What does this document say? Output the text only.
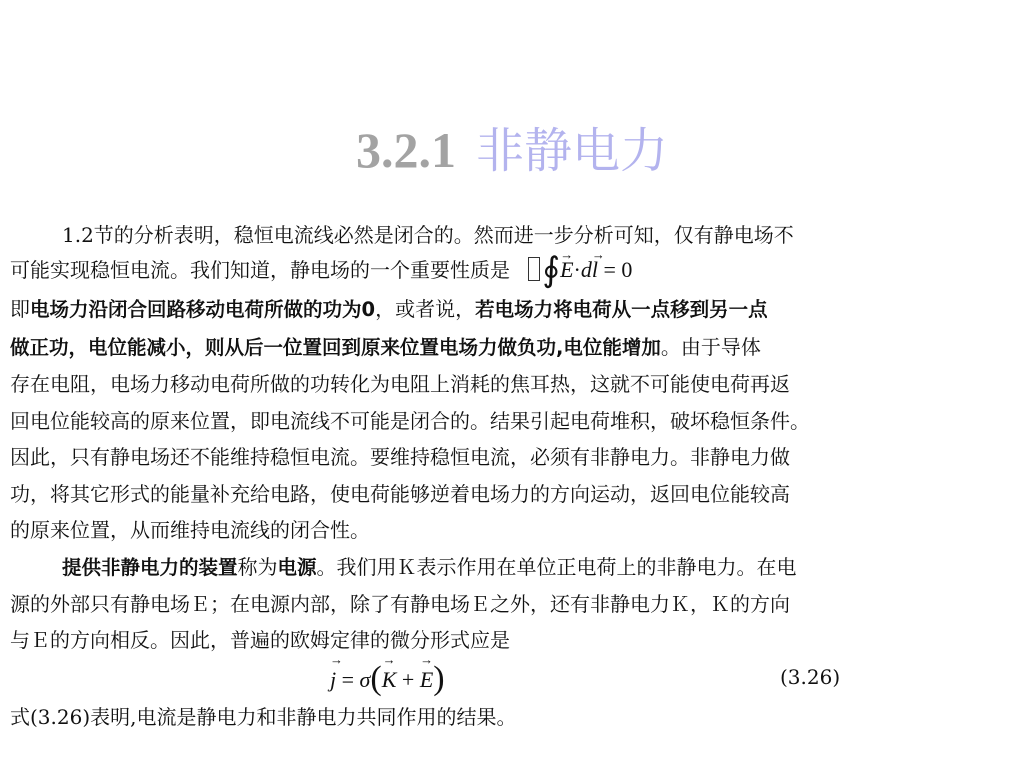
3.2.1 非静电力
1.2节的分析表明，稳恒电流线必然是闭合的。然而进一步分析可知，仅有静电场不
可能实现稳恒电流。我们知道，静电场的一个重要性质是 ∮→ E·d→ l = 0
即电场力沿闭合回路移动电荷所做的功为0，或者说，若电场力将电荷从一点移到另一点
做正功，电位能减小，则从后一位置回到原来位置电场力做负功,电位能增加。由于导体
存在电阻，电场力移动电荷所做的功转化为电阻上消耗的焦耳热，这就不可能使电荷再返
回电位能较高的原来位置，即电流线不可能是闭合的。结果引起电荷堆积，破坏稳恒条件。
因此，只有静电场还不能维持稳恒电流。要维持稳恒电流，必须有非静电力。非静电力做
功，将其它形式的能量补充给电路，使电荷能够逆着电场力的方向运动，返回电位能较高
的原来位置，从而维持电流线的闭合性。
提供非静电力的装置称为电源。我们用Ｋ表示作用在单位正电荷上的非静电力。在电
源的外部只有静电场Ｅ；在电源内部，除了有静电场Ｅ之外，还有非静电力Ｋ，Ｋ的方向
与Ｅ的方向相反。因此，普遍的欧姆定律的微分形式应是
→ j = σ(→ K + → E)	(3.26)
式(3.26)表明,电流是静电力和非静电力共同作用的结果。
